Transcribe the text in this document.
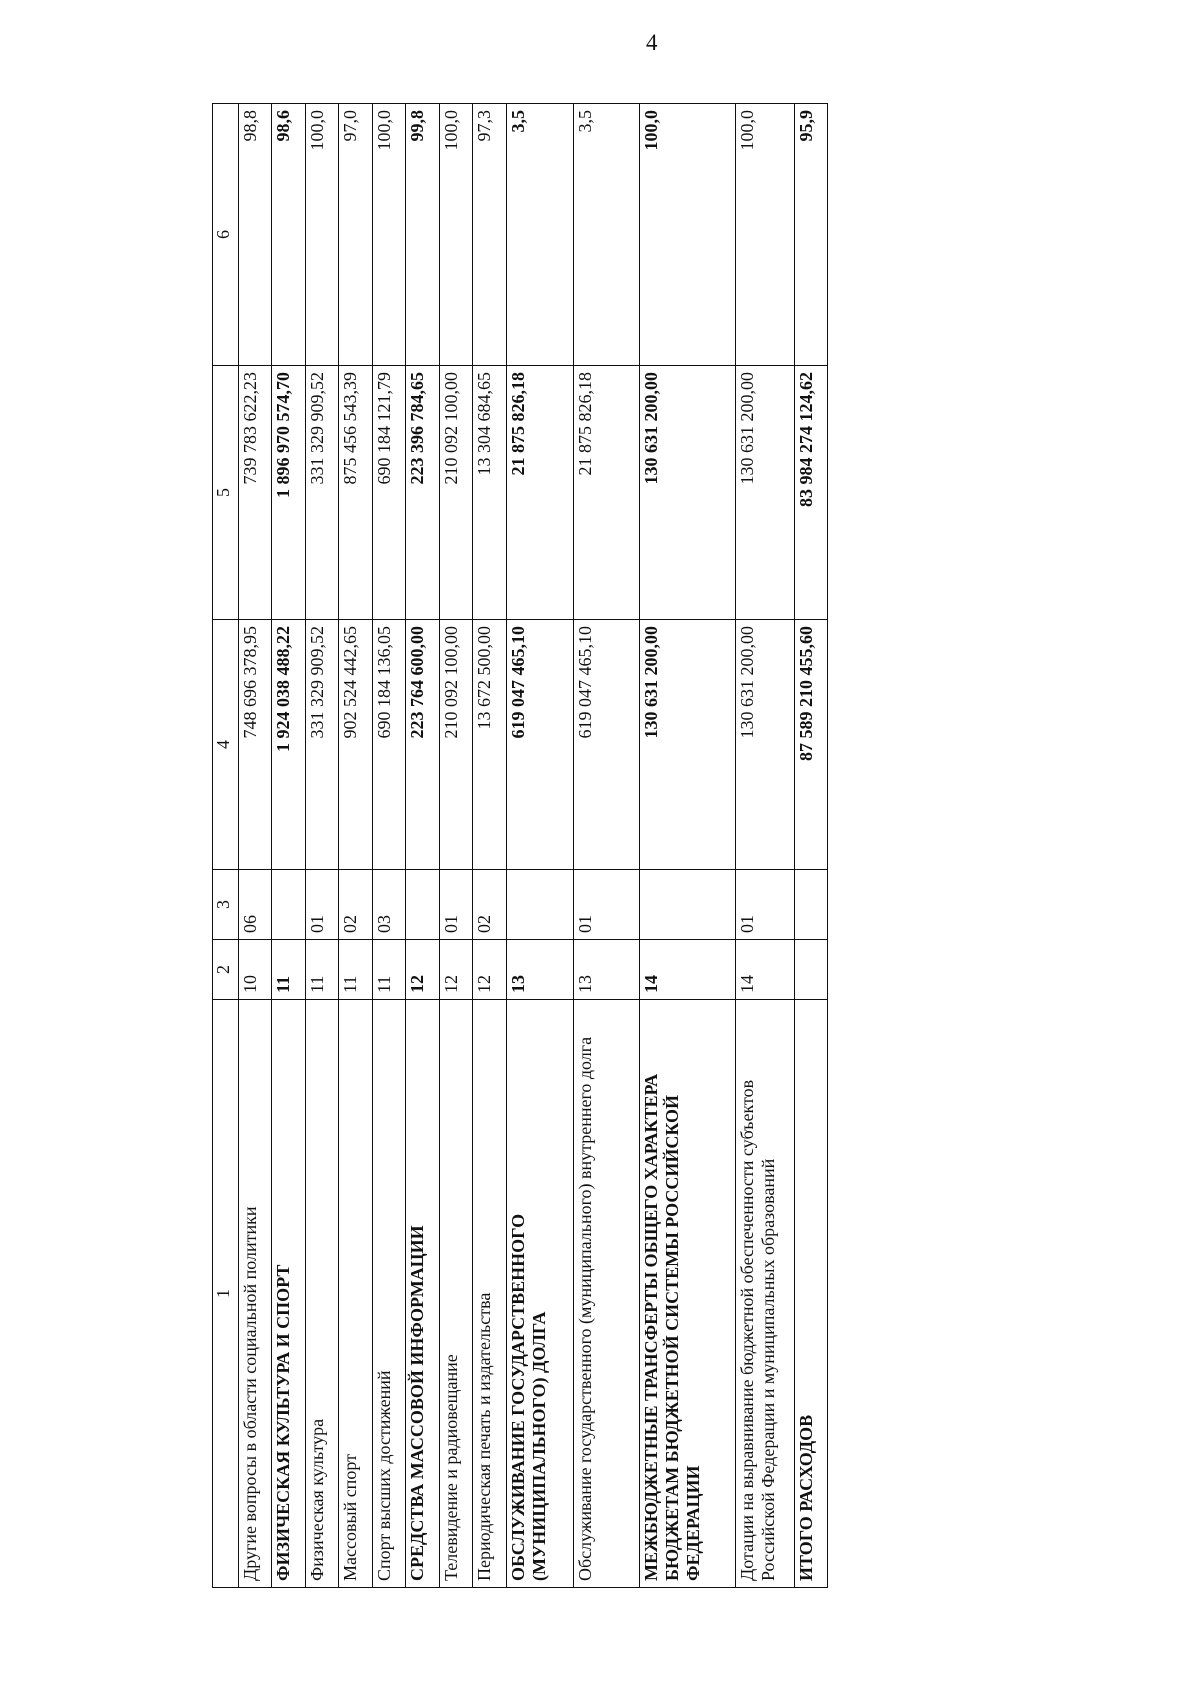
4
1	2	3	4	5	6
Другие вопросы в области социальной политики	10	06	748 696 378,95	739 783 622,23	98,8
ФИЗИЧЕСКАЯ КУЛЬТУРА И СПОРТ	11		1 924 038 488,22	1 896 970 574,70	98,6
Физическая культура	11	01	331 329 909,52	331 329 909,52	100,0
Массовый спорт	11	02	902 524 442,65	875 456 543,39	97,0
Спорт высших достижений	11	03	690 184 136,05	690 184 121,79	100,0
СРЕДСТВА МАССОВОЙ ИНФОРМАЦИИ	12		223 764 600,00	223 396 784,65	99,8
Телевидение и радиовещание	12	01	210 092 100,00	210 092 100,00	100,0
Периодическая печать и издательства	12	02	13 672 500,00	13 304 684,65	97,3
ОБСЛУЖИВАНИЕ ГОСУДАРСТВЕННОГО (МУНИЦИПАЛЬНОГО) ДОЛГА	13		619 047 465,10	21 875 826,18	3,5
Обслуживание государственного (муниципального) внутреннего долга	13	01	619 047 465,10	21 875 826,18	3,5
МЕЖБЮДЖЕТНЫЕ ТРАНСФЕРТЫ ОБЩЕГО ХАРАКТЕРА БЮДЖЕТАМ БЮДЖЕТНОЙ СИСТЕМЫ РОССИЙСКОЙ ФЕДЕРАЦИИ	14		130 631 200,00	130 631 200,00	100,0
Дотации на выравнивание бюджетной обеспеченности субъектов Российской Федерации и муниципальных образований	14	01	130 631 200,00	130 631 200,00	100,0
ИТОГО РАСХОДОВ			87 589 210 455,60	83 984 274 124,62	95,9
